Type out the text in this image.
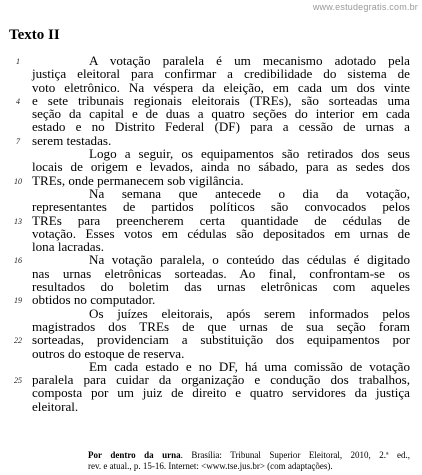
www.estudegratis.com.br
Texto II
1	A votação paralela é um mecanismo adotado pela
justiça eleitoral para confirmar a credibilidade do sistema de
voto eletrônico. Na véspera da eleição, em cada um dos vinte
4 e sete tribunais regionais eleitorais (TREs), são sorteadas uma
seção da capital e de duas a quatro seções do interior em cada
estado e no Distrito Federal (DF) para a cessão de urnas a
7 serem testadas.
Logo a seguir, os equipamentos são retirados dos seus
locais de origem e levados, ainda no sábado, para as sedes dos
10 TREs, onde permanecem sob vigilância.
Na semana que antecede o dia da votação,
representantes de partidos políticos são convocados pelos
13 TREs para preencherem certa quantidade de cédulas de
votação. Esses votos em cédulas são depositados em urnas de
lona lacradas.
16	Na votação paralela, o conteúdo das cédulas é digitado
nas urnas eletrônicas sorteadas. Ao final, confrontam-se os
resultados do boletim das urnas eletrônicas com aqueles
19 obtidos no computador.
Os juízes eleitorais, após serem informados pelos
magistrados dos TREs de que urnas de sua seção foram
22 sorteadas, providenciam a substituição dos equipamentos por
outros do estoque de reserva.
Em cada estado e no DF, há uma comissão de votação
25 paralela para cuidar da organização e condução dos trabalhos,
composta por um juiz de direito e quatro servidores da justiça
eleitoral.
Por dentro da urna. Brasília: Tribunal Superior Eleitoral, 2010, 2.ª ed.,
rev. e atual., p. 15-16. Internet: <www.tse.jus.br> (com adaptações).
